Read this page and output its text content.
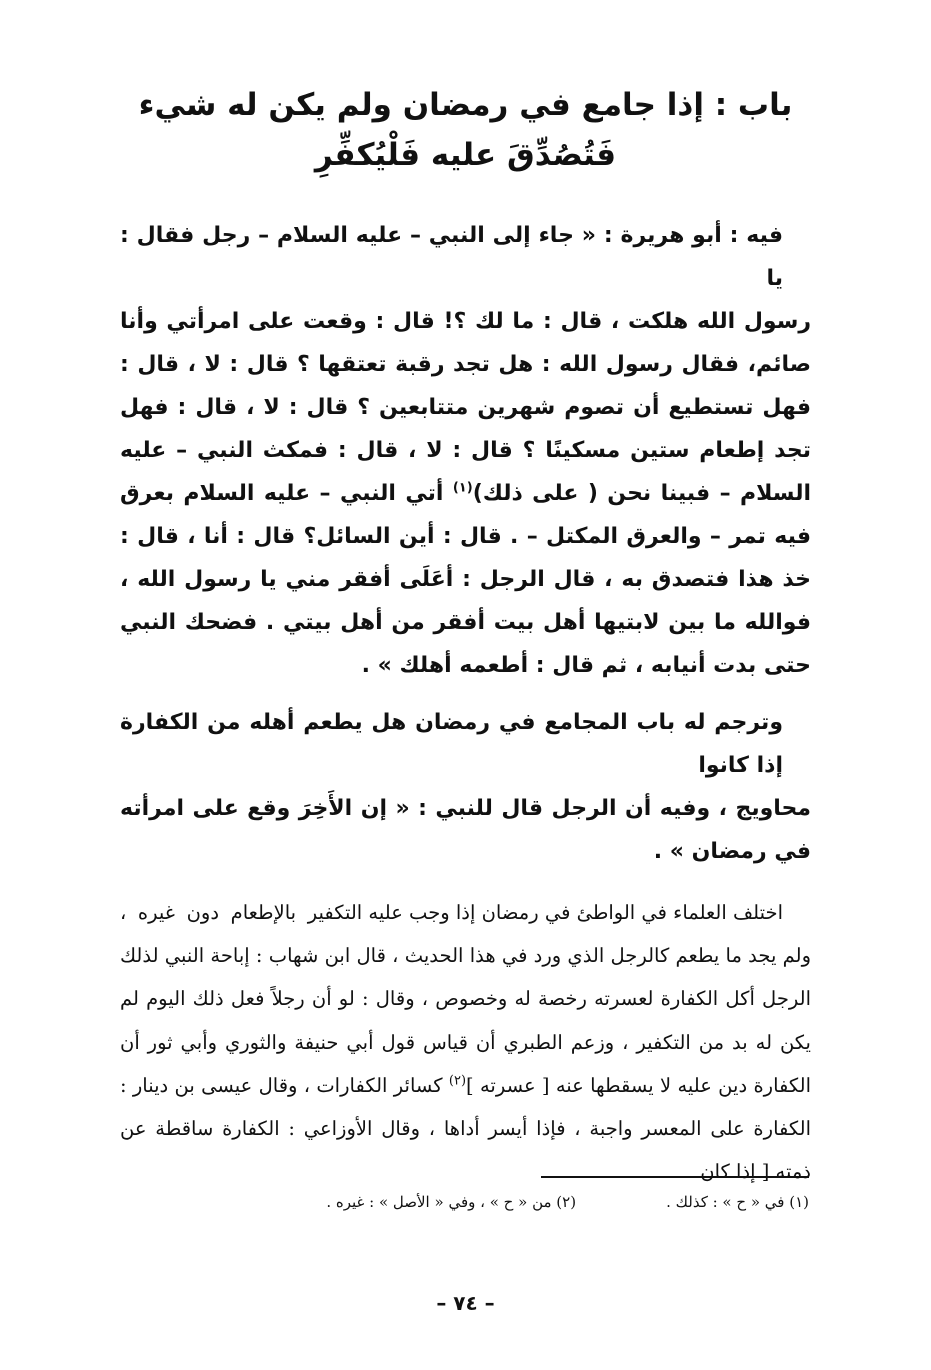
باب : إذا جامع في رمضان ولم يكن له شيء
فَتُصُدِّقَ عليه فَلْيُكفِّرِ
فيه : أبو هريرة : « جاء إلى النبي – عليه السلام – رجل فقال : يا رسول الله هلكت ، قال : ما لك ؟! قال : وقعت على امرأتي وأنا صائم، فقال رسول الله : هل تجد رقبة تعتقها ؟ قال : لا ، قال : فهل تستطيع أن تصوم شهرين متتابعين ؟ قال : لا ، قال : فهل تجد إطعام ستين مسكينًا ؟ قال : لا ، قال : فمكث النبي – عليه السلام – فبينا نحن ( على ذلك)$^{(١)}$ أتي النبي – عليه السلام بعرق فيه تمر – والعرق المكتل – . قال : أين السائل؟ قال : أنا ، قال : خذ هذا فتصدق به ، قال الرجل : أعَلَى أفقر مني يا رسول الله ، فوالله ما بين لابتيها أهل بيت أفقر من أهل بيتي . فضحك النبي حتى بدت أنيابه ، ثم قال : أطعمه أهلك » .
وترجم له باب المجامع في رمضان هل يطعم أهله من الكفارة إذا كانوا محاويج ، وفيه أن الرجل قال للنبي : « إن الأَخِرَ وقع على امرأته في رمضان » .
اختلف العلماء في الواطئ في رمضان إذا وجب عليه التكفير بالإطعام دون غيره ، ولم يجد ما يطعم كالرجل الذي ورد في هذا الحديث ، قال ابن شهاب : إباحة النبي لذلك الرجل أكل الكفارة لعسرته رخصة له وخصوص ، وقال : لو أن رجلاً فعل ذلك اليوم لم يكن له بد من التكفير ، وزعم الطبري أن قياس قول أبي حنيفة والثوري وأبي ثور أن الكفارة دين عليه لا يسقطها عنه [ عسرته ]$^{(٢)}$ كسائر الكفارات ، وقال عيسى بن دينار : الكفارة على المعسر واجبة ، فإذا أيسر أداها ، وقال الأوزاعي : الكفارة ساقطة عن ذمته [ إذا كان
(١) في « ح » : كذلك .
(٢) من « ح » ، وفي « الأصل » : غيره .
– ٧٤ –
